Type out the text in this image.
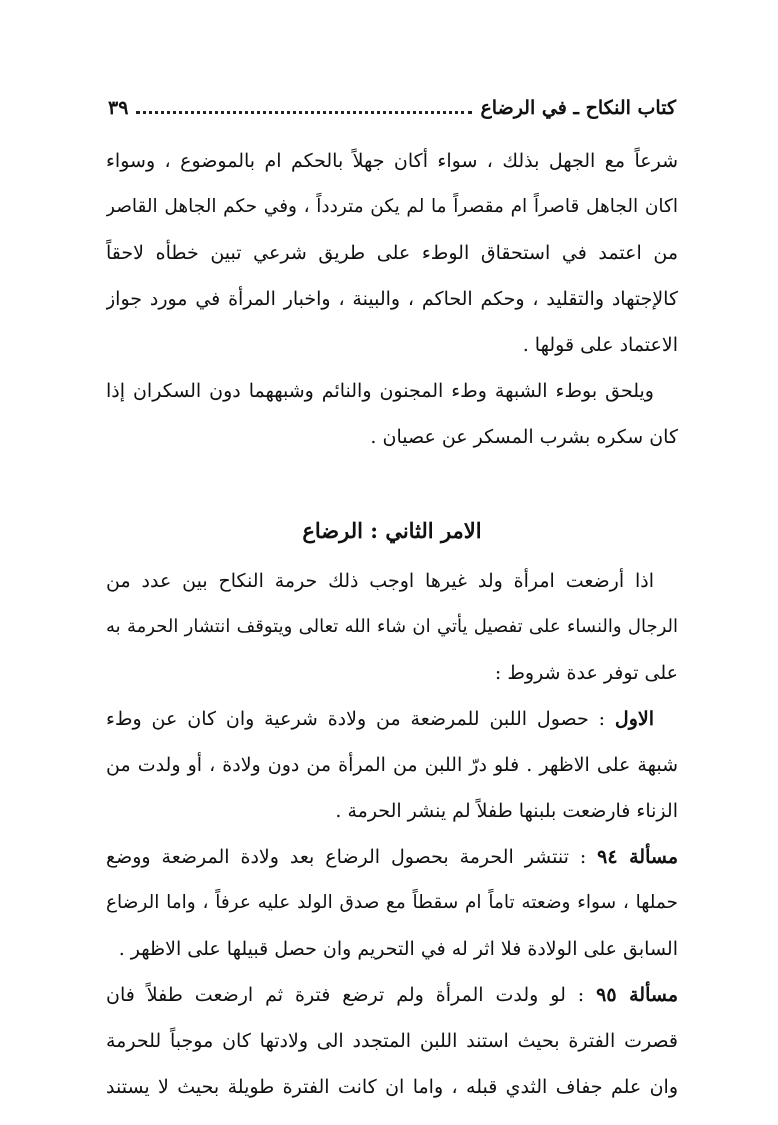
كتاب النكاح ـ في الرضاع
٣٩
شرعاً مع الجهل بذلك ، سواء أكان جهلاً بالحكم ام بالموضوع ، وسواء
اكان الجاهل قاصراً ام مقصراً ما لم يكن متردداً ، وفي حكم الجاهل القاصر
من اعتمد في استحقاق الوطء على طريق شرعي تبين خطأه لاحقاً
كالإجتهاد والتقليد ، وحكم الحاكم ، والبينة ، واخبار المرأة في مورد جواز
الاعتماد على قولها .
ويلحق بوطء الشبهة وطء المجنون والنائم وشبههما دون السكران إذا
كان سكره بشرب المسكر عن عصيان .
الامر الثاني : الرضاع
اذا أرضعت امرأة ولد غيرها اوجب ذلك حرمة النكاح بين عدد من
الرجال والنساء على تفصيل يأتي ان شاء الله تعالى ويتوقف انتشار الحرمة به
على توفر عدة شروط :
الاول : حصول اللبن للمرضعة من ولادة شرعية وان كان عن وطء
شبهة على الاظهر . فلو درّ اللبن من المرأة من دون ولادة ، أو ولدت من
الزناء فارضعت بلبنها طفلاً لم ينشر الحرمة .
مسألة ٩٤ : تنتشر الحرمة بحصول الرضاع بعد ولادة المرضعة ووضع
حملها ، سواء وضعته تاماً ام سقطاً مع صدق الولد عليه عرفاً ، واما الرضاع
السابق على الولادة فلا اثر له في التحريم وان حصل قبيلها على الاظهر .
مسألة ٩٥ : لو ولدت المرأة ولم ترضع فترة ثم ارضعت طفلاً فان
قصرت الفترة بحيث استند اللبن المتجدد الى ولادتها كان موجباً للحرمة
وان علم جفاف الثدي قبله ، واما ان كانت الفترة طويلة بحيث لا يستند
